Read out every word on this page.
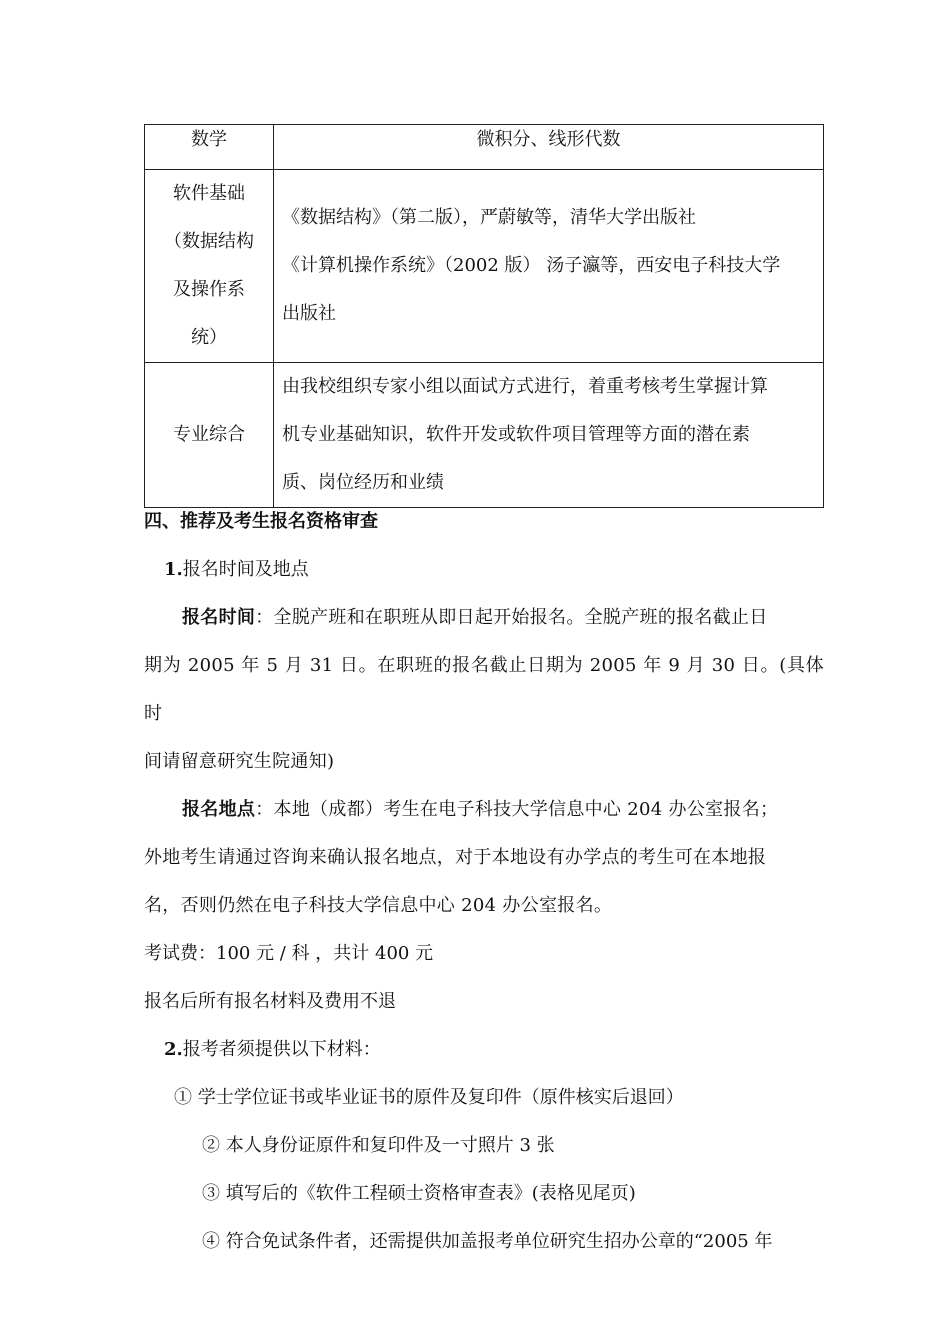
数学	微积分、线形代数

软件基础
（数据结构
及操作系
统）	《数据结构》（第二版），严蔚敏等，清华大学出版社
《计算机操作系统》（2002 版） 汤子瀛等，西安电子科技大学
出版社

专业综合	由我校组织专家小组以面试方式进行，着重考核考生掌握计算
机专业基础知识，软件开发或软件项目管理等方面的潜在素
质、岗位经历和业绩
四、推荐及考生报名资格审查
1.报名时间及地点
报名时间：全脱产班和在职班从即日起开始报名。全脱产班的报名截止日
期为 2005 年 5 月 31 日。在职班的报名截止日期为 2005 年 9 月 30 日。(具体时
间请留意研究生院通知)
报名地点：本地（成都）考生在电子科技大学信息中心 204 办公室报名；
外地考生请通过咨询来确认报名地点，对于本地设有办学点的考生可在本地报
名，否则仍然在电子科技大学信息中心 204 办公室报名。
考试费：100 元 / 科 ，共计 400 元
报名后所有报名材料及费用不退
2.报考者须提供以下材料：
① 学士学位证书或毕业证书的原件及复印件（原件核实后退回）
② 本人身份证原件和复印件及一寸照片 3 张
③ 填写后的《软件工程硕士资格审查表》(表格见尾页)
④ 符合免试条件者，还需提供加盖报考单位研究生招办公章的“2005 年
